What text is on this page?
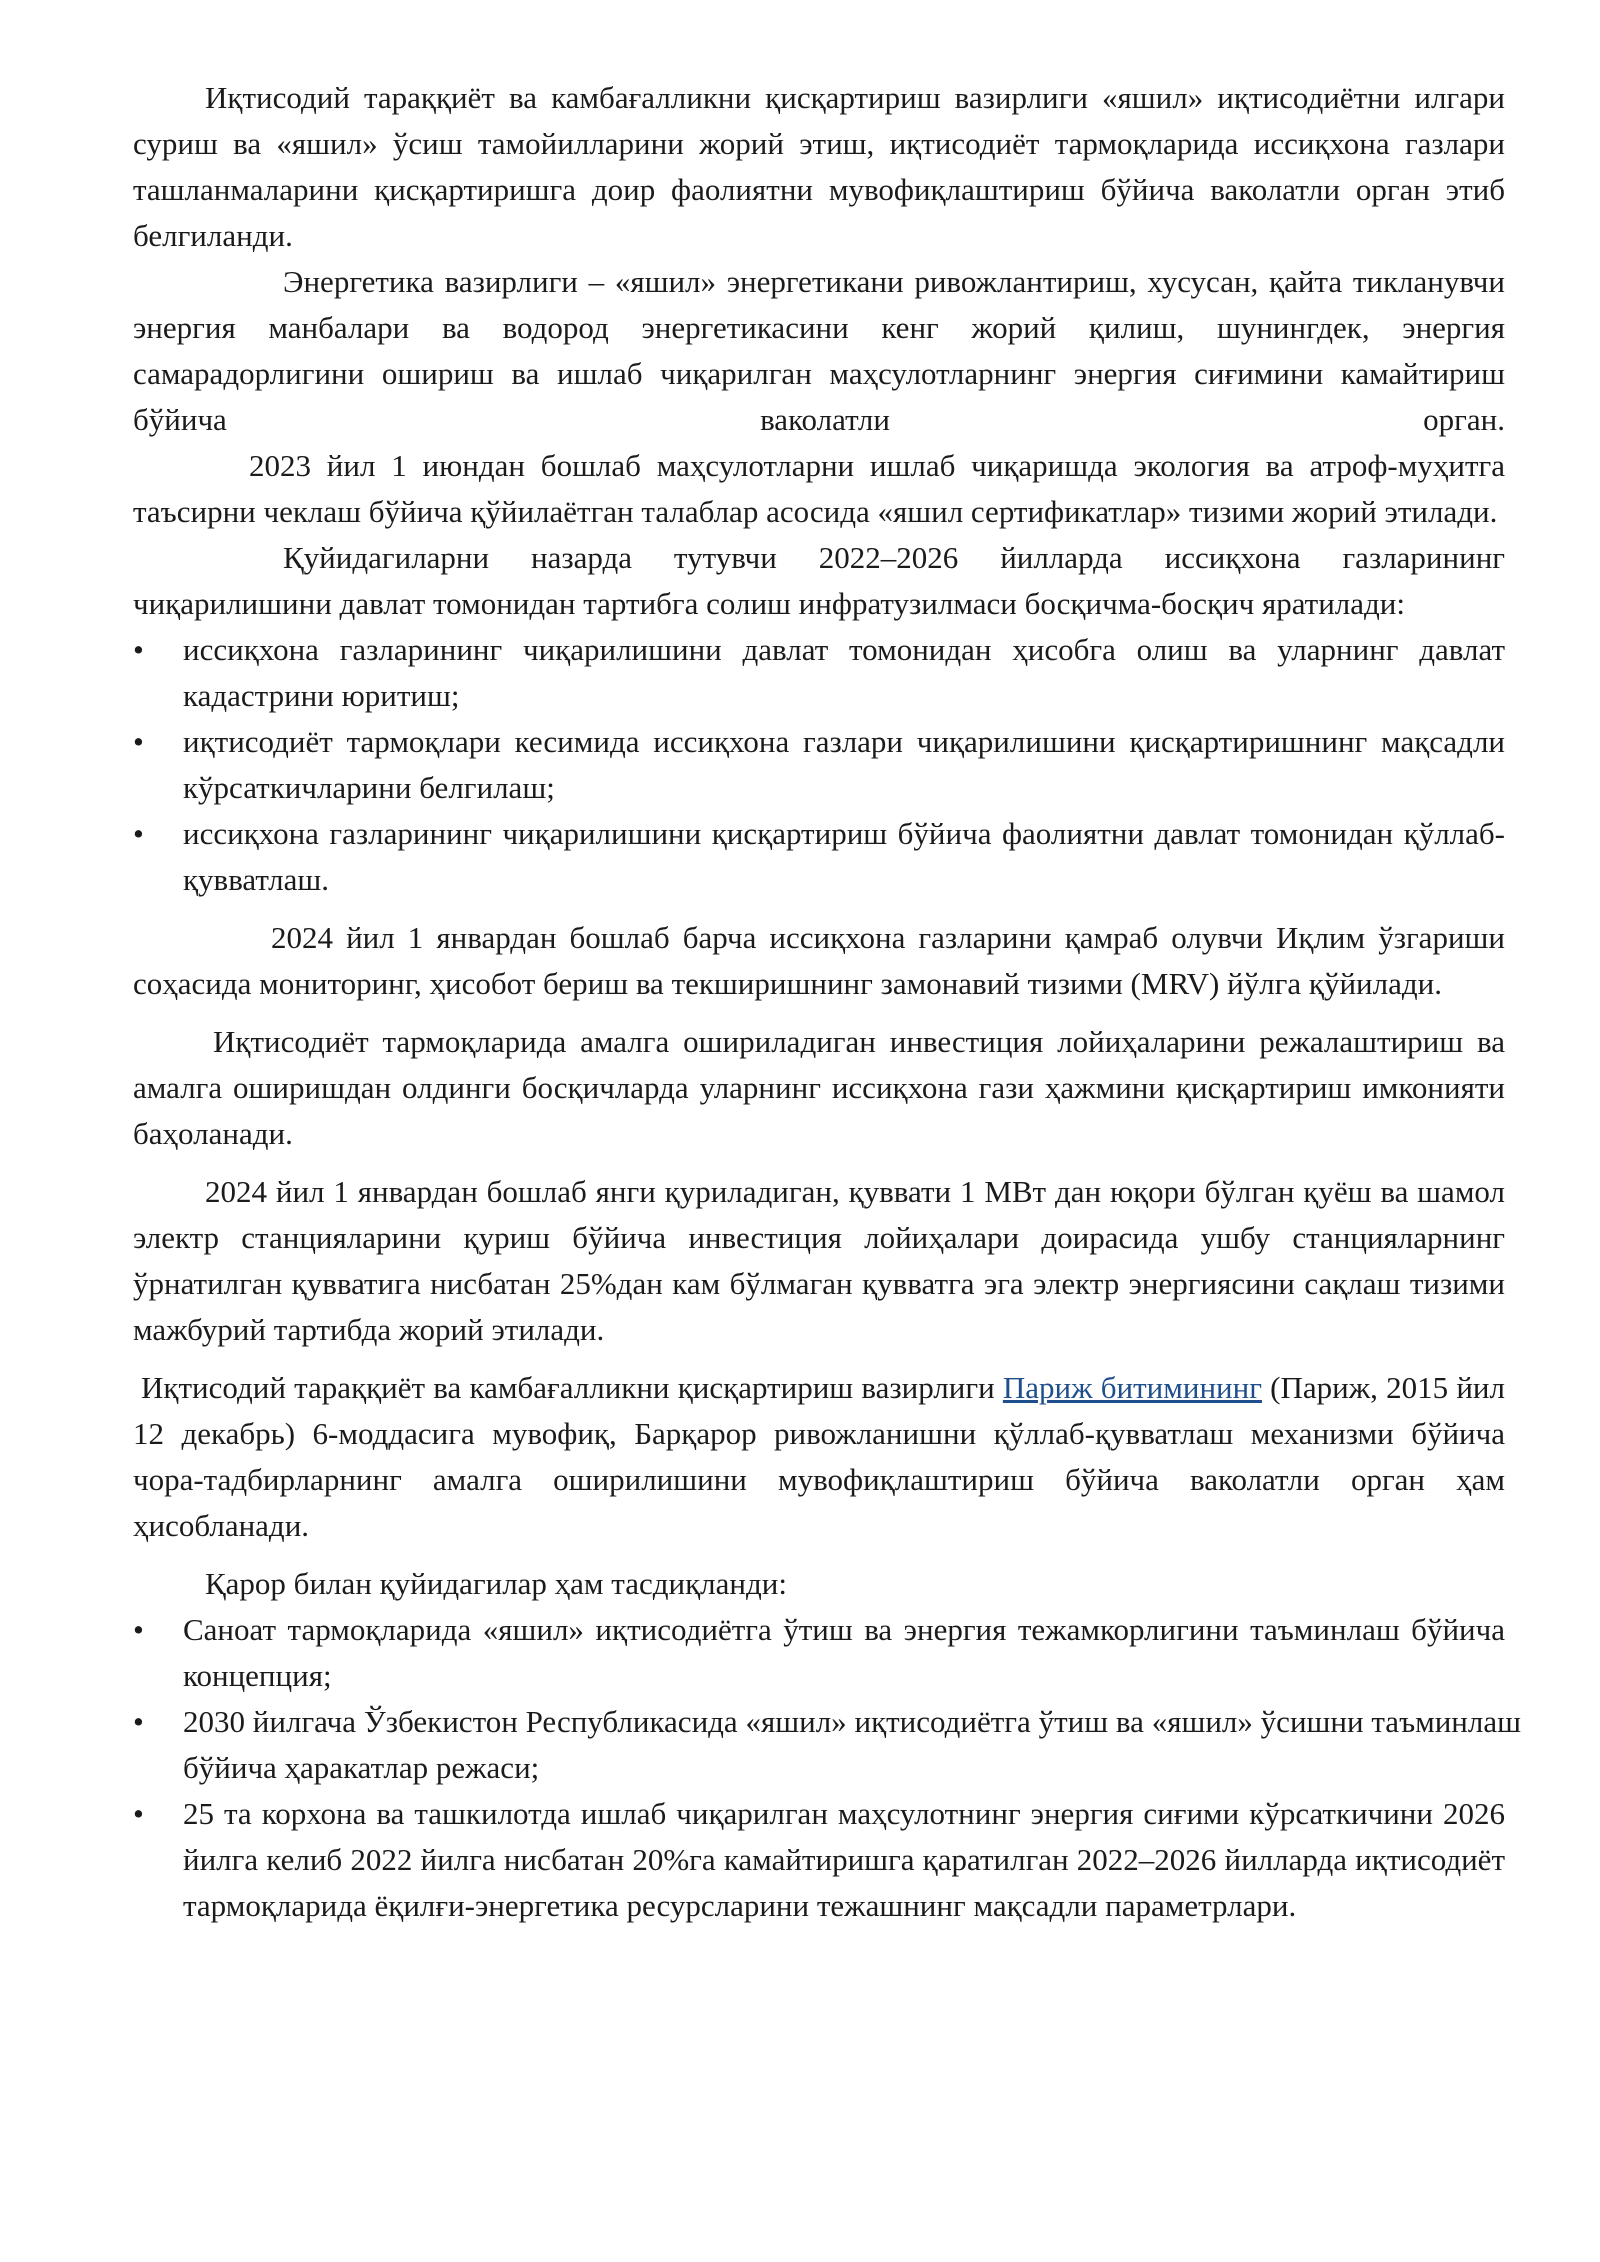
Иқтисодий тараққиёт ва камбағалликни қисқартириш вазирлиги «яшил» иқтисодиётни илгари суриш ва «яшил» ўсиш тамойилларини жорий этиш, иқтисодиёт тармоқларида иссиқхона газлари ташланмаларини қисқартиришга доир фаолиятни мувофиқлаштириш бўйича ваколатли орган этиб белгиланди.

Энергетика вазирлиги – «яшил» энергетикани ривожлантириш, хусусан, қайта тикланувчи энергия манбалари ва водород энергетикасини кенг жорий қилиш, шунингдек, энергия самарадорлигини ошириш ва ишлаб чиқарилган маҳсулотларнинг энергия сиғимини камайтириш бўйича ваколатли орган.

2023 йил 1 июндан бошлаб маҳсулотларни ишлаб чиқаришда экология ва атроф-муҳитга таъсирни чеклаш бўйича қўйилаётган талаблар асосида «яшил сертификатлар» тизими жорий этилади.

Қуйидагиларни назарда тутувчи 2022–2026 йилларда иссиқхона газларининг чиқарилишини давлат томонидан тартибга солиш инфратузилмаси босқичма-босқич яратилади:

• иссиқхона газларининг чиқарилишини давлат томонидан ҳисобга олиш ва уларнинг давлат кадастрини юритиш;
• иқтисодиёт тармоқлари кесимида иссиқхона газлари чиқарилишини қисқартиришнинг мақсадли кўрсаткичларини белгилаш;
• иссиқхона газларининг чиқарилишини қисқартириш бўйича фаолиятни давлат томонидан қўллаб-қувватлаш.

2024 йил 1 январдан бошлаб барча иссиқхона газларини қамраб олувчи Иқлим ўзгариши соҳасида мониторинг, ҳисобот бериш ва текширишнинг замонавий тизими (MRV) йўлга қўйилади.

Иқтисодиёт тармоқларида амалга ошириладиган инвестиция лойиҳаларини режалаштириш ва амалга оширишдан олдинги босқичларда уларнинг иссиқхона гази ҳажмини қисқартириш имконияти баҳоланади.

2024 йил 1 январдан бошлаб янги қуриладиган, қуввати 1 МВт дан юқори бўлган қуёш ва шамол электр станцияларини қуриш бўйича инвестиция лойиҳалари доирасида ушбу станцияларнинг ўрнатилган қувватига нисбатан 25%дан кам бўлмаган қувватга эга электр энергиясини сақлаш тизими мажбурий тартибда жорий этилади.

Иқтисодий тараққиёт ва камбағалликни қисқартириш вазирлиги Париж битимининг (Париж, 2015 йил 12 декабрь) 6-моддасига мувофиқ, Барқарор ривожланишни қўллаб-қувватлаш механизми бўйича чора-тадбирларнинг амалга оширилишини мувофиқлаштириш бўйича ваколатли орган ҳам ҳисобланади.

Қарор билан қуйидагилар ҳам тасдиқланди:

• Саноат тармоқларида «яшил» иқтисодиётга ўтиш ва энергия тежамкорлигини таъминлаш бўйича концепция;
• 2030 йилгача Ўзбекистон Республикасида «яшил» иқтисодиётга ўтиш ва «яшил» ўсишни таъминлаш бўйича ҳаракатлар режаси;
• 25 та корхона ва ташкилотда ишлаб чиқарилган маҳсулотнинг энергия сиғими кўрсаткичини 2026 йилга келиб 2022 йилга нисбатан 20%га камайтиришга қаратилган 2022–2026 йилларда иқтисодиёт тармоқларида ёқилғи-энергетика ресурсларини тежашнинг мақсадли параметрлари.
